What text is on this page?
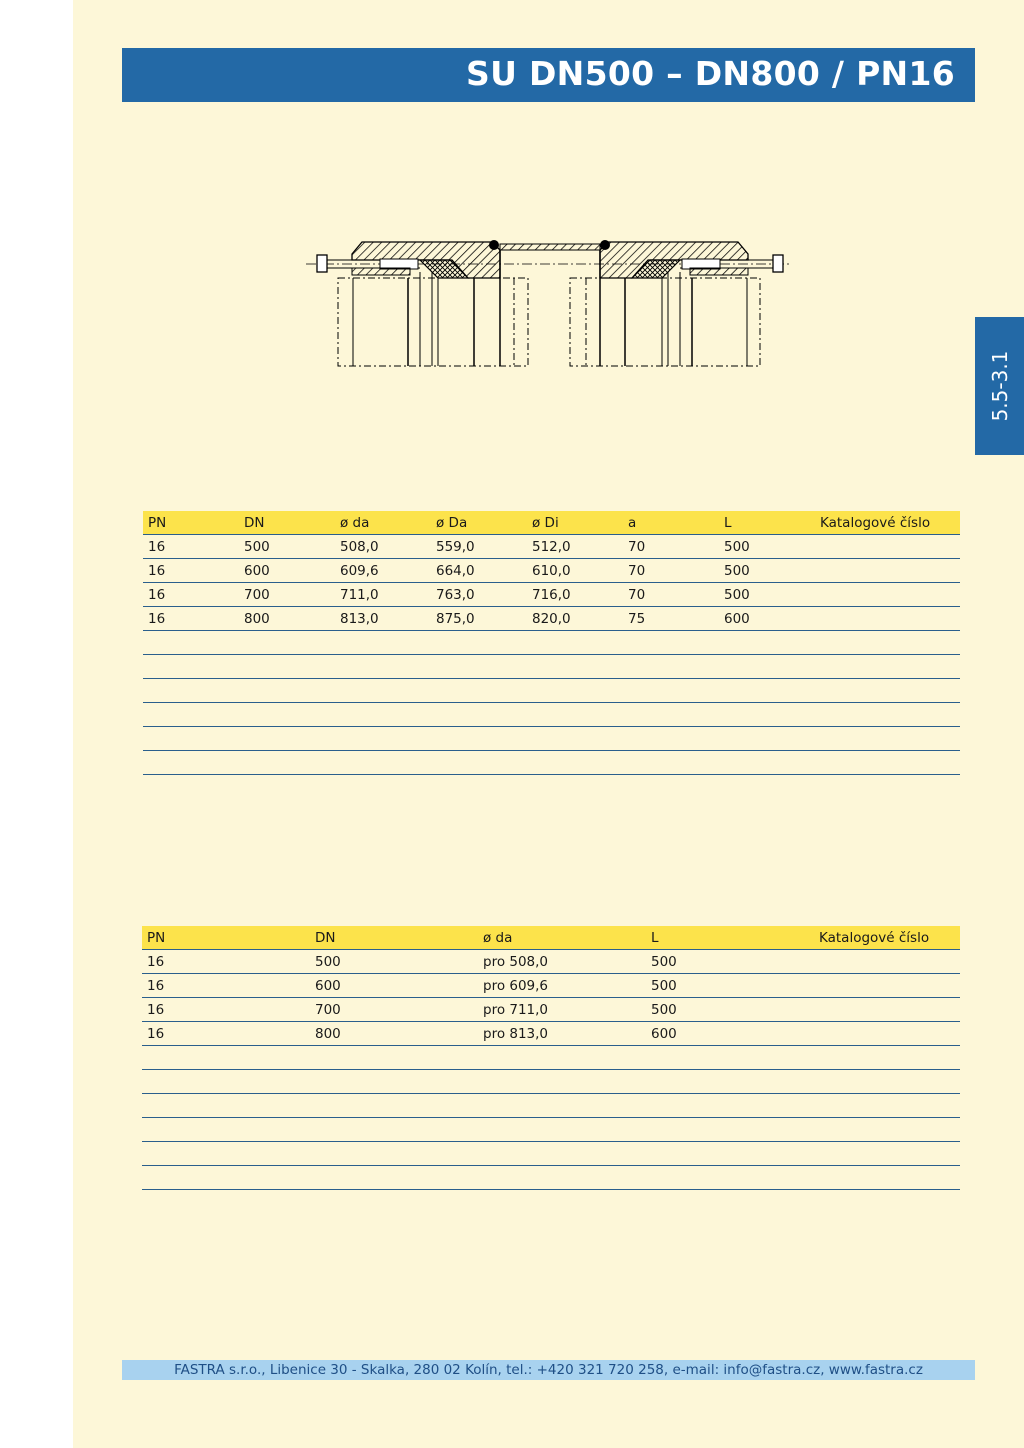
SU DN500 – DN800 / PN16
5.5-3.1
PN	DN	ø da	ø Da	ø Di	a	L	Katalogové číslo
16	500	508,0	559,0	512,0	70	500	
16	600	609,6	664,0	610,0	70	500	
16	700	711,0	763,0	716,0	70	500	
16	800	813,0	875,0	820,0	75	600	

PN	DN	ø da	L	Katalogové číslo
16	500	pro 508,0	500	
16	600	pro 609,6	500	
16	700	pro 711,0	500	
16	800	pro 813,0	600	

FASTRA s.r.o., Libenice 30 - Skalka, 280 02 Kolín, tel.: +420 321 720 258, e-mail: info@fastra.cz, www.fastra.cz
